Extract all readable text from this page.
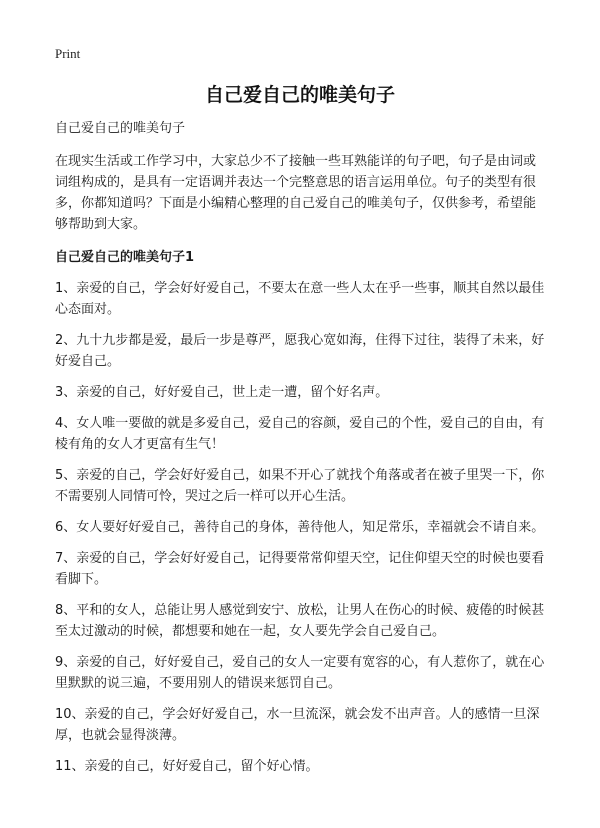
Print
自己爱自己的唯美句子

自己爱自己的唯美句子

在现实生活或工作学习中，大家总少不了接触一些耳熟能详的句子吧，句子是由词或词组构成的，是具有一定语调并表达一个完整意思的语言运用单位。句子的类型有很多，你都知道吗？下面是小编精心整理的自己爱自己的唯美句子，仅供参考，希望能够帮助到大家。

自己爱自己的唯美句子1

1、亲爱的自己，学会好好爱自己，不要太在意一些人太在乎一些事，顺其自然以最佳心态面对。

2、九十九步都是爱，最后一步是尊严，愿我心宽如海，住得下过往，装得了未来，好好爱自己。

3、亲爱的自己，好好爱自己，世上走一遭，留个好名声。

4、女人唯一要做的就是多爱自己，爱自己的容颜，爱自己的个性，爱自己的自由，有棱有角的女人才更富有生气！

5、亲爱的自己，学会好好爱自己，如果不开心了就找个角落或者在被子里哭一下，你不需要别人同情可怜，哭过之后一样可以开心生活。

6、女人要好好爱自己，善待自己的身体，善待他人，知足常乐，幸福就会不请自来。

7、亲爱的自己，学会好好爱自己，记得要常常仰望天空，记住仰望天空的时候也要看看脚下。

8、平和的女人，总能让男人感觉到安宁、放松，让男人在伤心的时候、疲倦的时候甚至太过激动的时候，都想要和她在一起，女人要先学会自己爱自己。

9、亲爱的自己，好好爱自己，爱自己的女人一定要有宽容的心，有人惹你了，就在心里默默的说三遍，不要用别人的错误来惩罚自己。

10、亲爱的自己，学会好好爱自己，水一旦流深，就会发不出声音。人的感情一旦深厚，也就会显得淡薄。

11、亲爱的自己，好好爱自己，留个好心情。
